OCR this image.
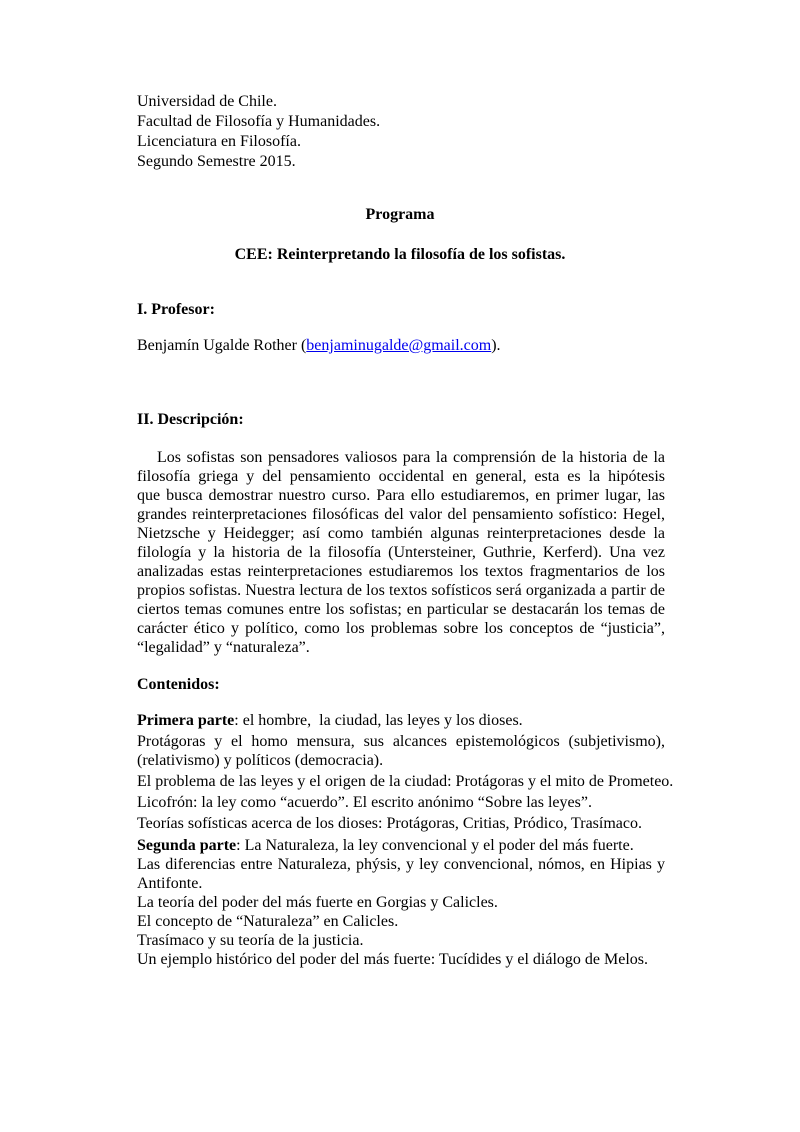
Universidad de Chile.
Facultad de Filosofía y Humanidades.
Licenciatura en Filosofía.
Segundo Semestre 2015.
Programa
CEE: Reinterpretando la filosofía de los sofistas.
I. Profesor:
Benjamín Ugalde Rother (benjaminugalde@gmail.com).
II. Descripción:
Los sofistas son pensadores valiosos para la comprensión de la historia de la
filosofía griega y del pensamiento occidental en general, esta es la hipótesis
que busca demostrar nuestro curso. Para ello estudiaremos, en primer lugar, las
grandes reinterpretaciones filosóficas del valor del pensamiento sofístico: Hegel,
Nietzsche y Heidegger; así como también algunas reinterpretaciones desde la
filología y la historia de la filosofía (Untersteiner, Guthrie, Kerferd). Una vez
analizadas estas reinterpretaciones estudiaremos los textos fragmentarios de los
propios sofistas. Nuestra lectura de los textos sofísticos será organizada a partir de
ciertos temas comunes entre los sofistas; en particular se destacarán los temas de
carácter ético y político, como los problemas sobre los conceptos de “justicia”,
“legalidad” y “naturaleza”.
Contenidos:
Primera parte: el hombre,  la ciudad, las leyes y los dioses.
Protágoras y el homo mensura, sus alcances epistemológicos (subjetivismo),
(relativismo) y políticos (democracia).
El problema de las leyes y el origen de la ciudad: Protágoras y el mito de Prometeo.
Licofrón: la ley como “acuerdo”. El escrito anónimo “Sobre las leyes”.
Teorías sofísticas acerca de los dioses: Protágoras, Critias, Pródico, Trasímaco.
Segunda parte: La Naturaleza, la ley convencional y el poder del más fuerte.
Las diferencias entre Naturaleza, phýsis, y ley convencional, nómos, en Hipias y
Antifonte.
La teoría del poder del más fuerte en Gorgias y Calicles.
El concepto de “Naturaleza” en Calicles.
Trasímaco y su teoría de la justicia.
Un ejemplo histórico del poder del más fuerte: Tucídides y el diálogo de Melos.
